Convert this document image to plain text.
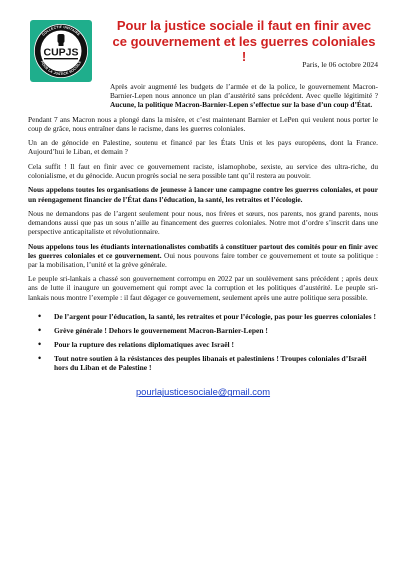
COLLECTIF UNITAIRE
POUR LA JUSTICE SOCIALE
CUPJS
Pour la justice sociale il faut en finir avec ce gouvernement et les guerres coloniales !
Paris, le 06 octobre 2024

Après avoir augmenté les budgets de l’armée et de la police, le gouvernement Macron-Barnier-Lepen nous annonce un plan d’austérité sans précédent. Avec quelle légitimité ? Aucune, la politique Macron-Barnier-Lepen s’effectue sur la base d’un coup d’État.

Pendant 7 ans Macron nous a plongé dans la misère, et c’est maintenant Barnier et LePen qui veulent nous porter le coup de grâce, nous entraîner dans le racisme, dans les guerres coloniales.

Un an de génocide en Palestine, soutenu et financé par les États Unis et les pays européens, dont la France. Aujourd’hui le Liban, et demain ?

Cela suffit ! Il faut en finir avec ce gouvernement raciste, islamophobe, sexiste, au service des ultra-riche, du colonialisme, et du génocide. Aucun progrès social ne sera possible tant qu’il restera au pouvoir.

Nous appelons toutes les organisations de jeunesse à lancer une campagne contre les guerres coloniales, et pour un réengagement financier de l’État dans l’éducation, la santé, les retraites et l’écologie.

Nous ne demandons pas de l’argent seulement pour nous, nos frères et sœurs, nos parents, nos grand parents, nous demandons aussi que pas un sous n’aille au financement des guerres coloniales. Notre mot d’ordre s’inscrit dans une perspective anticapitaliste et révolutionnaire.

Nous appelons tous les étudiants internationalistes combatifs à constituer partout des comités pour en finir avec les guerres coloniales et ce gouvernement. Oui nous pouvons faire tomber ce gouvernement et toute sa politique : par la mobilisation, l’unité et la grève générale.

Le peuple sri-lankais a chassé son gouvernement corrompu en 2022 par un soulèvement sans précédent ; après deux ans de lutte il inaugure un gouvernement qui rompt avec la corruption et les politiques d’austérité. Le peuple sri-lankais nous montre l’exemple : il faut dégager ce gouvernement, seulement après une autre politique sera possible.

• De l’argent pour l’éducation, la santé, les retraites et pour l’écologie, pas pour les guerres coloniales !
• Grève générale ! Dehors le gouvernement Macron-Barnier-Lepen !
• Pour la rupture des relations diplomatiques avec Israël !
• Tout notre soutien à la résistances des peuples libanais et palestiniens ! Troupes coloniales d’Israël hors du Liban et de Palestine !
pourlajusticesociale@gmail.com
